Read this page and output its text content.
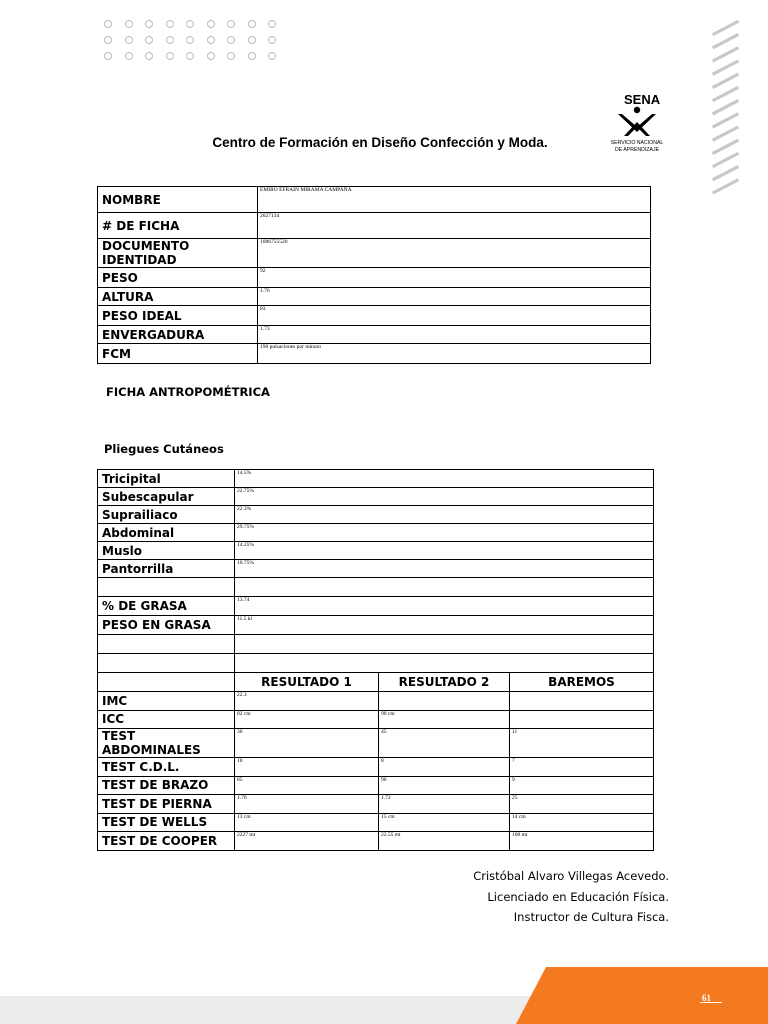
SENA
SERVICIO NACIONAL
DE APRENDIZAJE
Centro de Formación en Diseño Confección y Moda.
NOMBRE	EMIRO EFRAIN MIRAMA CAMPAÑA
# DE FICHA	2627134
DOCUMENTO IDENTIDAD	1086755520
PESO	92
ALTURA	1.76
PESO IDEAL	83
ENVERGADURA	1.73
FCM	190 pulsaciones por minuto
FICHA ANTROPOMÉTRICA
Pliegues Cutáneos
Tricipital	14.5%		
Subescapular	22.75%		
Suprailiaco	22.3%		
Abdominal	29.75%		
Muslo	14.25%		
Pantorrilla	10.75%		

% DE GRASA	13.74		
PESO EN GRASA	11.5 kl		

	RESULTADO 1	RESULTADO 2	BAREMOS
IMC	22.3		
ICC	82 cm	90 cm	
TEST ABDOMINALES	30	45	11
TEST C.D.L.	10	8	7
TEST DE BRAZO	85	90	9
TEST DE PIERNA	1.70	1.72	25
TEST DE WELLS	13 cm	15 cm	14 cm
TEST DE COOPER	2227 mt	22.55 mt	100 mt
Cristóbal Alvaro Villegas Acevedo.
Licenciado en Educación Física.
Instructor de Cultura Fisca.
61
